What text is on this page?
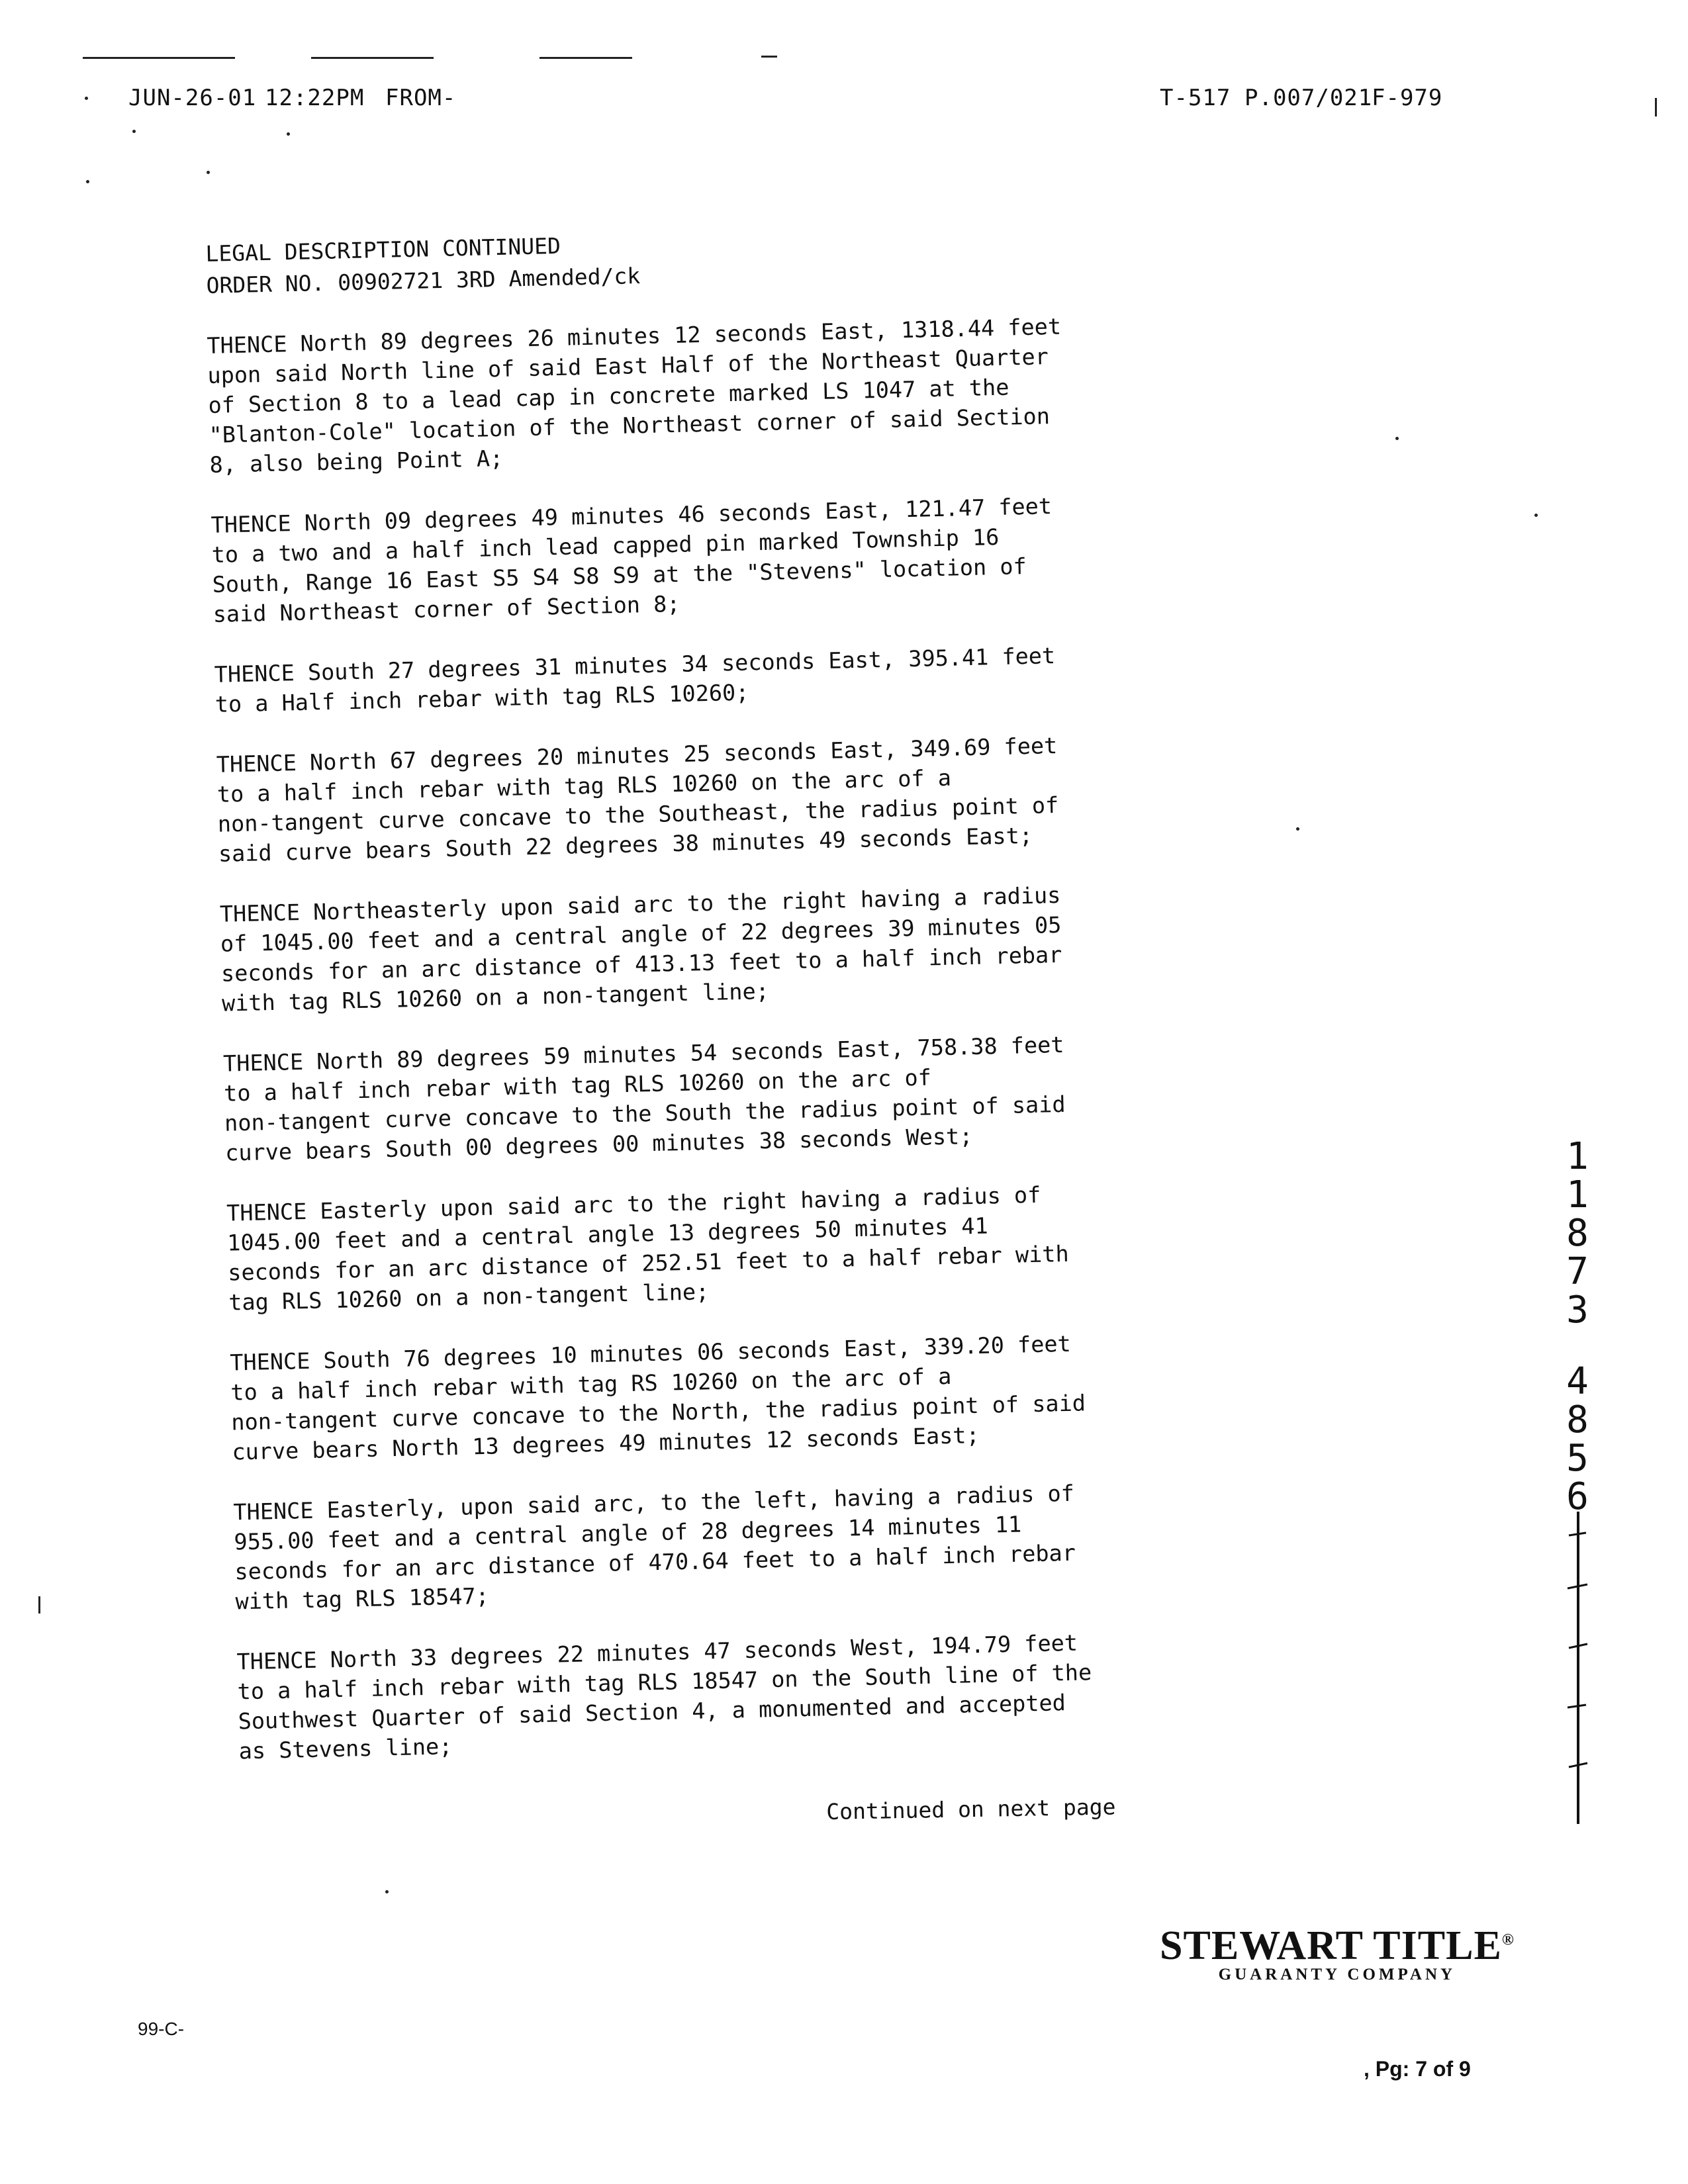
JUN-26-01 12:22PM FROM-	T-517 P.007/021
F-979
LEGAL DESCRIPTION CONTINUED
ORDER NO. 00902721 3RD Amended/ck
THENCE North 89 degrees 26 minutes 12 seconds East, 1318.44 feet
upon said North line of said East Half of the Northeast Quarter
of Section 8 to a lead cap in concrete marked LS 1047 at the
"Blanton-Cole" location of the Northeast corner of said Section
8, also being Point A;
THENCE North 09 degrees 49 minutes 46 seconds East, 121.47 feet
to a two and a half inch lead capped pin marked Township 16
South, Range 16 East S5 S4 S8 S9 at the "Stevens" location of
said Northeast corner of Section 8;
THENCE South 27 degrees 31 minutes 34 seconds East, 395.41 feet
to a Half inch rebar with tag RLS 10260;
THENCE North 67 degrees 20 minutes 25 seconds East, 349.69 feet
to a half inch rebar with tag RLS 10260 on the arc of a
non-tangent curve concave to the Southeast, the radius point of
said curve bears South 22 degrees 38 minutes 49 seconds East;
THENCE Northeasterly upon said arc to the right having a radius
of 1045.00 feet and a central angle of 22 degrees 39 minutes 05
seconds for an arc distance of 413.13 feet to a half inch rebar
with tag RLS 10260 on a non-tangent line;
THENCE North 89 degrees 59 minutes 54 seconds East, 758.38 feet
to a half inch rebar with tag RLS 10260 on the arc of
non-tangent curve concave to the South the radius point of said
curve bears South 00 degrees 00 minutes 38 seconds West;
THENCE Easterly upon said arc to the right having a radius of
1045.00 feet and a central angle 13 degrees 50 minutes 41
seconds for an arc distance of 252.51 feet to a half rebar with
tag RLS 10260 on a non-tangent line;
THENCE South 76 degrees 10 minutes 06 seconds East, 339.20 feet
to a half inch rebar with tag RS 10260 on the arc of a
non-tangent curve concave to the North, the radius point of said
curve bears North 13 degrees 49 minutes 12 seconds East;
THENCE Easterly, upon said arc, to the left, having a radius of
955.00 feet and a central angle of 28 degrees 14 minutes 11
seconds for an arc distance of 470.64 feet to a half inch rebar
with tag RLS 18547;
THENCE North 33 degrees 22 minutes 47 seconds West, 194.79 feet
to a half inch rebar with tag RLS 18547 on the South line of the
Southwest Quarter of said Section 4, a monumented and accepted
as Stevens line;
Continued on next page
1
1
8
7
3
4
8
5
6
STEWART TITLE®
GUARANTY COMPANY
99-C-
, Pg: 7 of 9
